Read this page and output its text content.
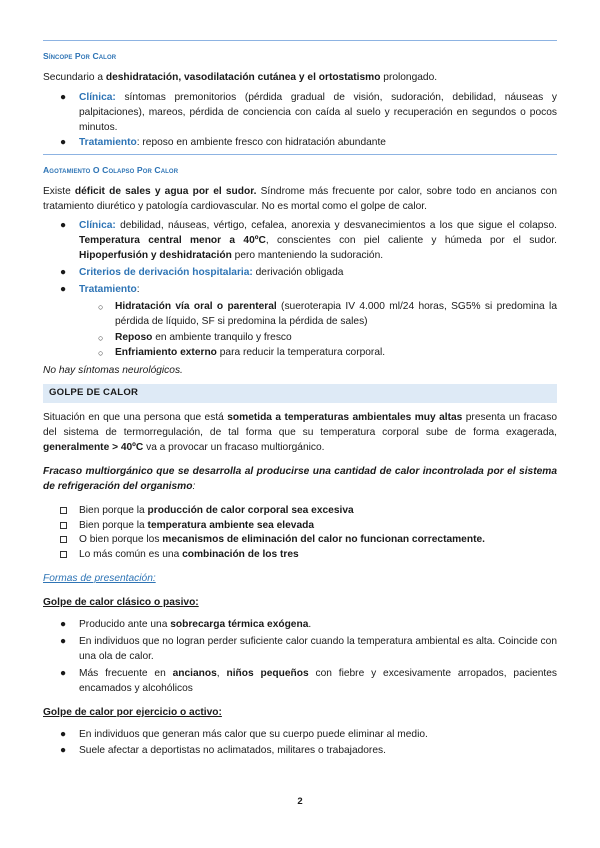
Síncope Por Calor

Secundario a deshidratación, vasodilatación cutánea y el ortostatismo prolongado.

● Clínica: síntomas premonitorios (pérdida gradual de visión, sudoración, debilidad, náuseas y palpitaciones), mareos, pérdida de conciencia con caída al suelo y recuperación en segundos o pocos minutos.
● Tratamiento: reposo en ambiente fresco con hidratación abundante
Agotamiento O Colapso Por Calor

Existe déficit de sales y agua por el sudor. Síndrome más frecuente por calor, sobre todo en ancianos con tratamiento diurético y patología cardiovascular. No es mortal como el golpe de calor.

● Clínica: debilidad, náuseas, vértigo, cefalea, anorexia y desvanecimientos a los que sigue el colapso. Temperatura central menor a 40ºC, conscientes con piel caliente y húmeda por el sudor. Hipoperfusión y deshidratación pero manteniendo la sudoración.
● Criterios de derivación hospitalaria: derivación obligada
● Tratamiento:
○ Hidratación vía oral o parenteral (sueroterapia IV 4.000 ml/24 horas, SG5% si predomina la pérdida de líquido, SF si predomina la pérdida de sales)
○ Reposo en ambiente tranquilo y fresco
○ Enfriamiento externo para reducir la temperatura corporal.

No hay síntomas neurológicos.

GOLPE DE CALOR

Situación en que una persona que está sometida a temperaturas ambientales muy altas presenta un fracaso del sistema de termorregulación, de tal forma que su temperatura corporal sube de forma exagerada, generalmente > 40ºC va a provocar un fracaso multiorgánico.

Fracaso multiorgánico que se desarrolla al producirse una cantidad de calor incontrolada por el sistema de refrigeración del organismo:

Bien porque la producción de calor corporal sea excesiva
Bien porque la temperatura ambiente sea elevada
O bien porque los mecanismos de eliminación del calor no funcionan correctamente.
Lo más común es una combinación de los tres

Formas de presentación:

Golpe de calor clásico o pasivo:

● Producido ante una sobrecarga térmica exógena.
● En individuos que no logran perder suficiente calor cuando la temperatura ambiental es alta. Coincide con una ola de calor.
● Más frecuente en ancianos, niños pequeños con fiebre y excesivamente arropados, pacientes encamados y alcohólicos

Golpe de calor por ejercicio o activo:

● En individuos que generan más calor que su cuerpo puede eliminar al medio.
● Suele afectar a deportistas no aclimatados, militares o trabajadores.
2
